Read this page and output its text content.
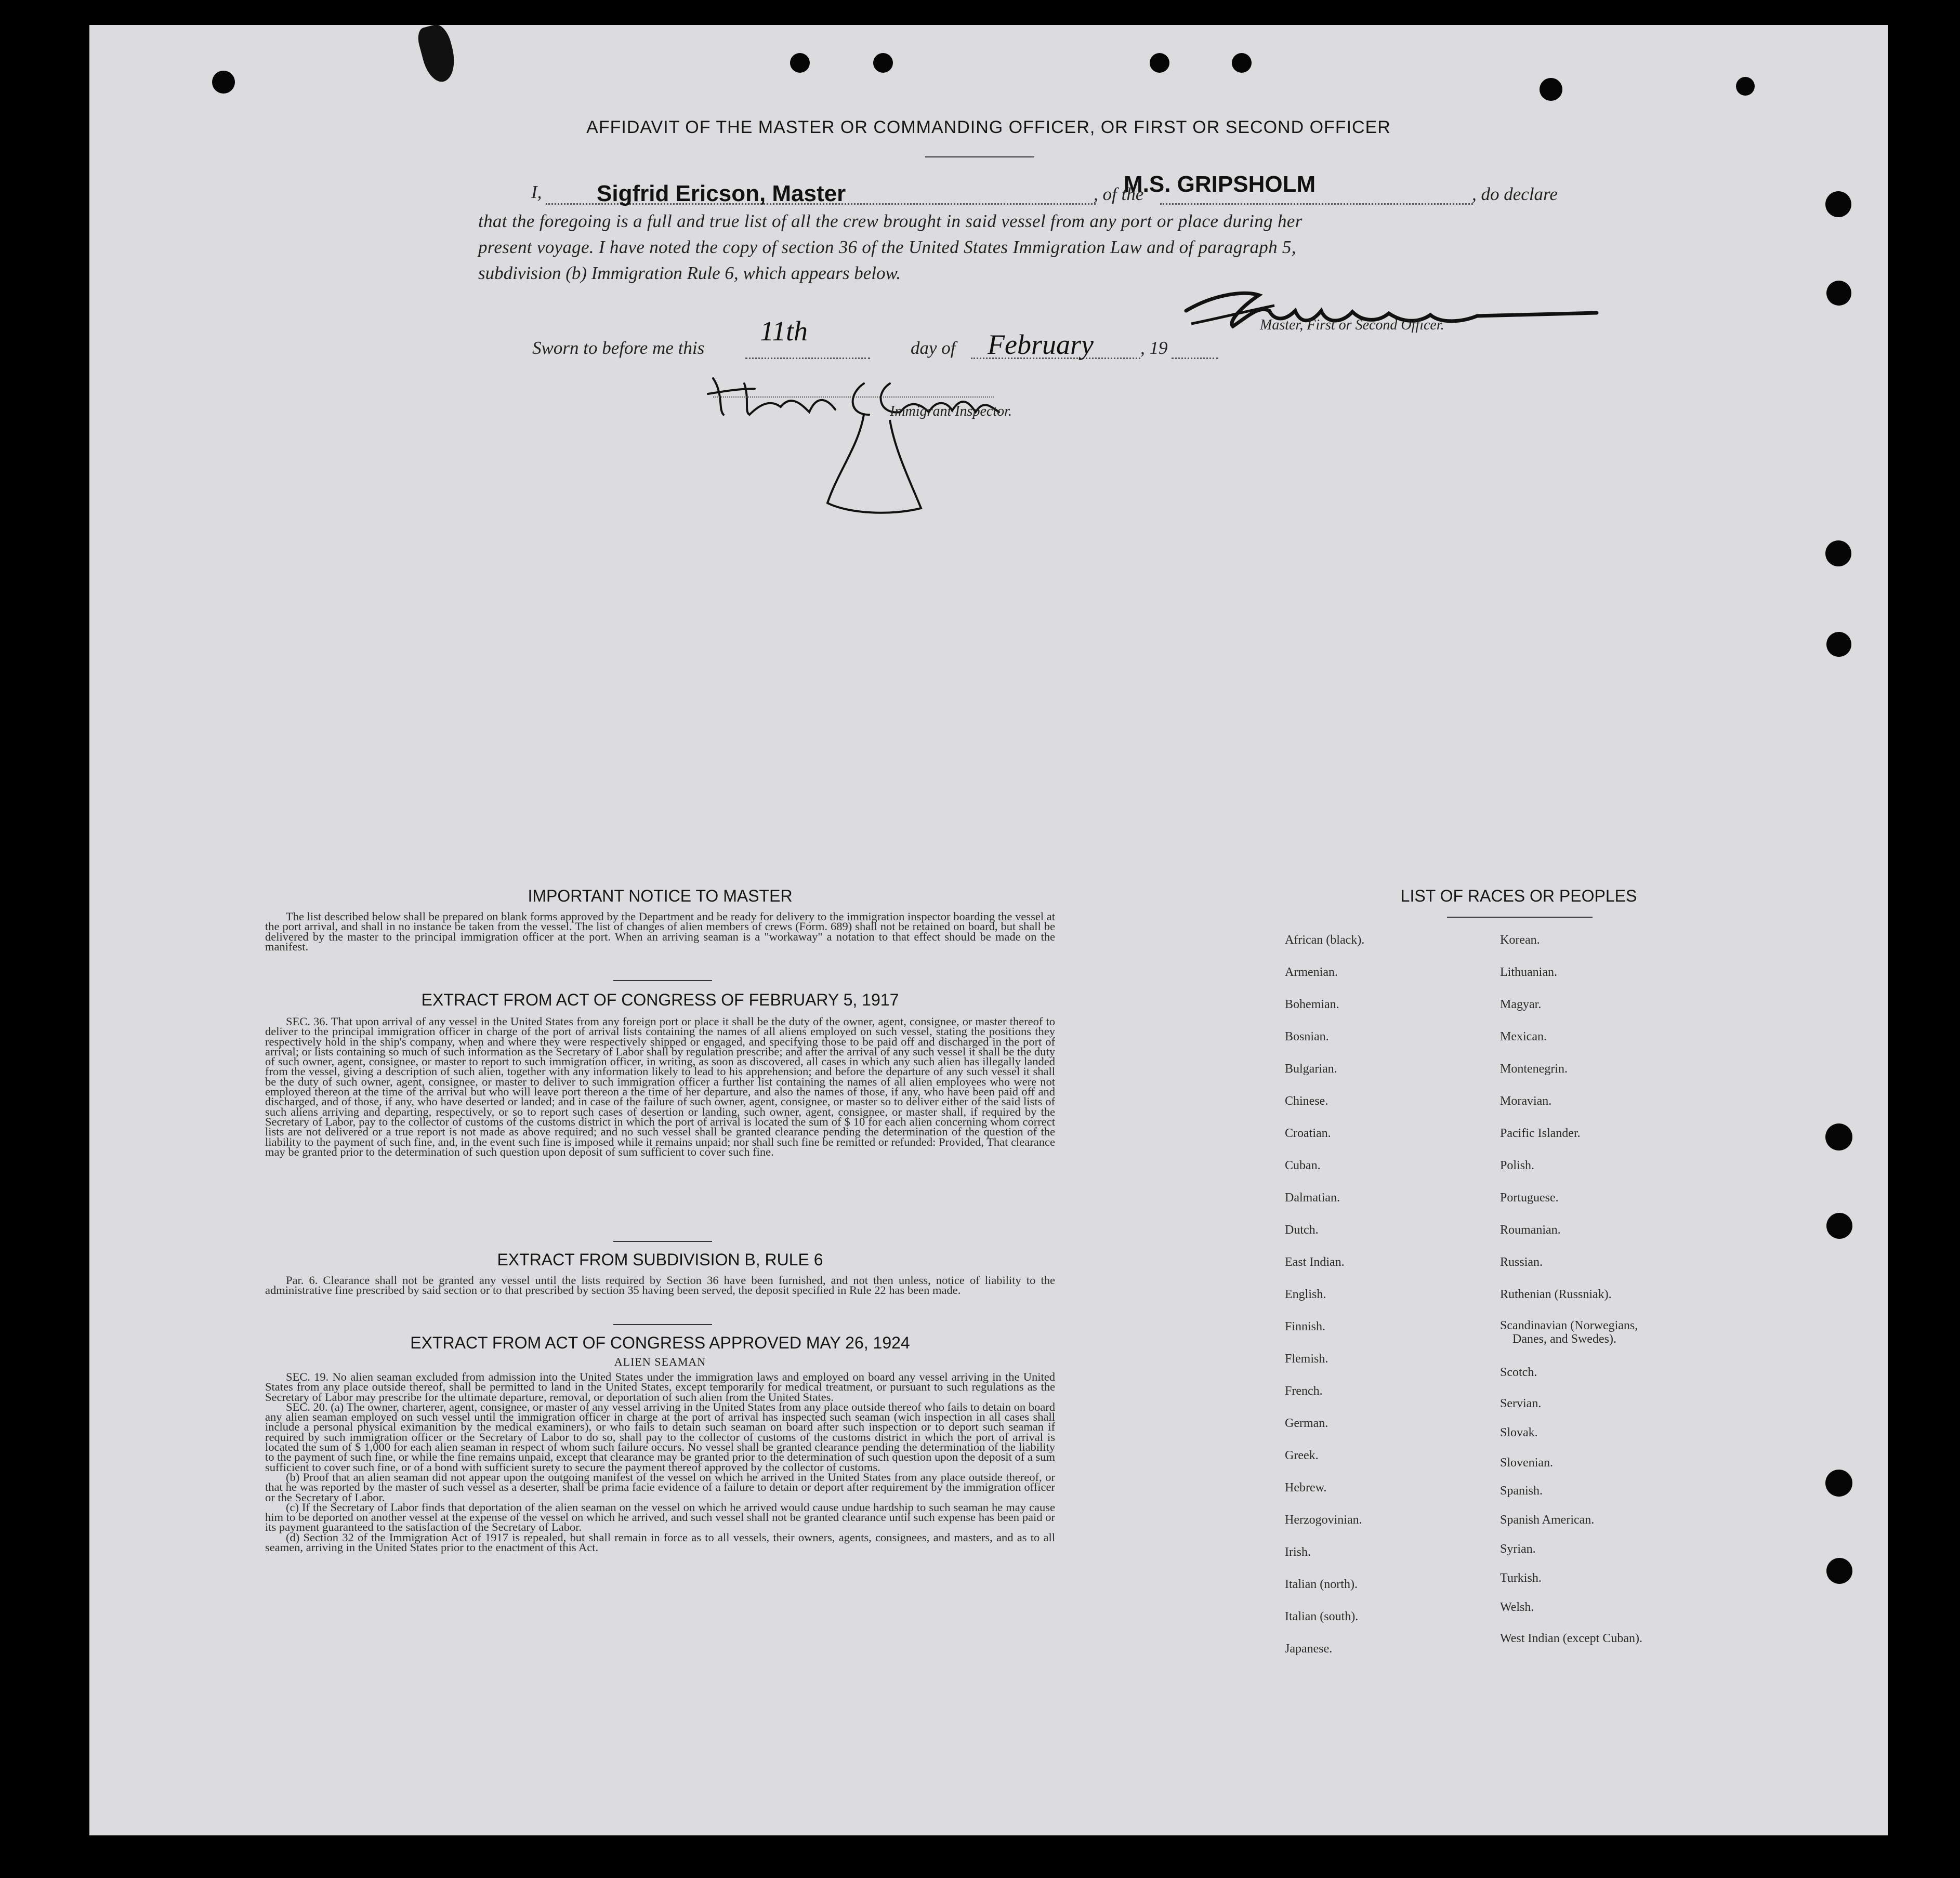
AFFIDAVIT OF THE MASTER OR COMMANDING OFFICER, OR FIRST OR SECOND OFFICER
I, Sigfrid Ericson, Master	, of the
M.S. GRIPSHOLM	, do declare
that the foregoing is a full and true list of all the crew brought in said vessel from any port or place during her
present voyage. I have noted the copy of section 36 of the United States Immigration Law and of paragraph 5,
subdivision (b) Immigration Rule 6, which appears below.
Master, First or Second Officer.
Sworn to before me this
11th
day of February	, 19
Immigrant Inspector.
IMPORTANT NOTICE TO MASTER

The list described below shall be prepared on blank forms approved by the Department and be ready for delivery to the immigration inspector boarding the vessel at the port arrival, and shall in no instance be taken from the vessel. The list of changes of alien members of crews (Form. 689) shall not be retained on board, but shall be delivered by the master to the principal immigration officer at the port. When an arriving seaman is a "workaway" a notation to that effect should be made on the manifest.

EXTRACT FROM ACT OF CONGRESS OF FEBRUARY 5, 1917

SEC. 36. That upon arrival of any vessel in the United States from any foreign port or place it shall be the duty of the owner, agent, consignee, or master thereof to deliver to the principal immigration officer in charge of the port of arrival lists containing the names of all aliens employed on such vessel, stating the positions they respectively hold in the ship's company, when and where they were respectively shipped or engaged, and specifying those to be paid off and discharged in the port of arrival; or lists containing so much of such information as the Secretary of Labor shall by regulation prescribe; and after the arrival of any such vessel it shall be the duty of such owner, agent, consignee, or master to report to such immigration officer, in writing, as soon as discovered, all cases in which any such alien has illegally landed from the vessel, giving a description of such alien, together with any information likely to lead to his apprehension; and before the departure of any such vessel it shall be the duty of such owner, agent, consignee, or master to deliver to such immigration officer a further list containing the names of all alien employees who were not employed thereon at the time of the arrival but who will leave port thereon a the time of her departure, and also the names of those, if any, who have been paid off and discharged, and of those, if any, who have deserted or landed; and in case of the failure of such owner, agent, consignee, or master so to deliver either of the said lists of such aliens arriving and departing, respectively, or so to report such cases of desertion or landing, such owner, agent, consignee, or master shall, if required by the Secretary of Labor, pay to the collector of customs of the customs district in which the port of arrival is located the sum of $ 10 for each alien concerning whom correct lists are not delivered or a true report is not made as above required; and no such vessel shall be granted clearance pending the determination of the question of the liability to the payment of such fine, and, in the event such fine is imposed while it remains unpaid; nor shall such fine be remitted or refunded: Provided, That clearance may be granted prior to the determination of such question upon deposit of sum sufficient to cover such fine.

EXTRACT FROM SUBDIVISION B, RULE 6

Par. 6. Clearance shall not be granted any vessel until the lists required by Section 36 have been furnished, and not then unless, notice of liability to the administrative fine prescribed by said section or to that prescribed by section 35 having been served, the deposit specified in Rule 22 has been made.

EXTRACT FROM ACT OF CONGRESS APPROVED MAY 26, 1924
ALIEN SEAMAN

SEC. 19. No alien seaman excluded from admission into the United States under the immigration laws and employed on board any vessel arriving in the United States from any place outside thereof, shall be permitted to land in the United States, except temporarily for medical treatment, or pursuant to such regulations as the Secretary of Labor may prescribe for the ultimate departure, removal, or deportation of such alien from the United States.

SEC. 20. (a) The owner, charterer, agent, consignee, or master of any vessel arriving in the United States from any place outside thereof who fails to detain on board any alien seaman employed on such vessel until the immigration officer in charge at the port of arrival has inspected such seaman (wich inspection in all cases shall include a personal physical eximanition by the medical examiners), or who fails to detain such seaman on board after such inspection or to deport such seaman if required by such immigration officer or the Secretary of Labor to do so, shall pay to the collector of customs of the customs district in which the port of arrival is located the sum of $ 1,000 for each alien seaman in respect of whom such failure occurs. No vessel shall be granted clearance pending the determination of the liability to the payment of such fine, or while the fine remains unpaid, except that clearance may be granted prior to the determination of such question upon the deposit of a sum sufficient to cover such fine, or of a bond with sufficient surety to secure the payment thereof approved by the collector of customs.

(b) Proof that an alien seaman did not appear upon the outgoing manifest of the vessel on which he arrived in the United States from any place outside thereof, or that he was reported by the master of such vessel as a deserter, shall be prima facie evidence of a failure to detain or deport after requirement by the immigration officer or the Secretary of Labor.

(c) If the Secretary of Labor finds that deportation of the alien seaman on the vessel on which he arrived would cause undue hardship to such seaman he may cause him to be deported on another vessel at the expense of the vessel on which he arrived, and such vessel shall not be granted clearance until such expense has been paid or its payment guaranteed to the satisfaction of the Secretary of Labor.

(d) Section 32 of the Immigration Act of 1917 is repealed, but shall remain in force as to all vessels, their owners, agents, consignees, and masters, and as to all seamen, arriving in the United States prior to the enactment of this Act.

LIST OF RACES OR PEOPLES
African (black).
Armenian.
Bohemian.
Bosnian.
Bulgarian.
Chinese.
Croatian.
Cuban.
Dalmatian.
Dutch.
East Indian.
English.
Finnish.
Flemish.
French.
German.
Greek.
Hebrew.
Herzogovinian.
Irish.
Italian (north).
Italian (south).
Japanese.
Korean.
Lithuanian.
Magyar.
Mexican.
Montenegrin.
Moravian.
Pacific Islander.
Polish.
Portuguese.
Roumanian.
Russian.
Ruthenian (Russniak).
Scandinavian (Norwegians,
Danes, and Swedes).
Scotch.
Servian.
Slovak.
Slovenian.
Spanish.
Spanish American.
Syrian.
Turkish.
Welsh.
West Indian (except Cuban).
